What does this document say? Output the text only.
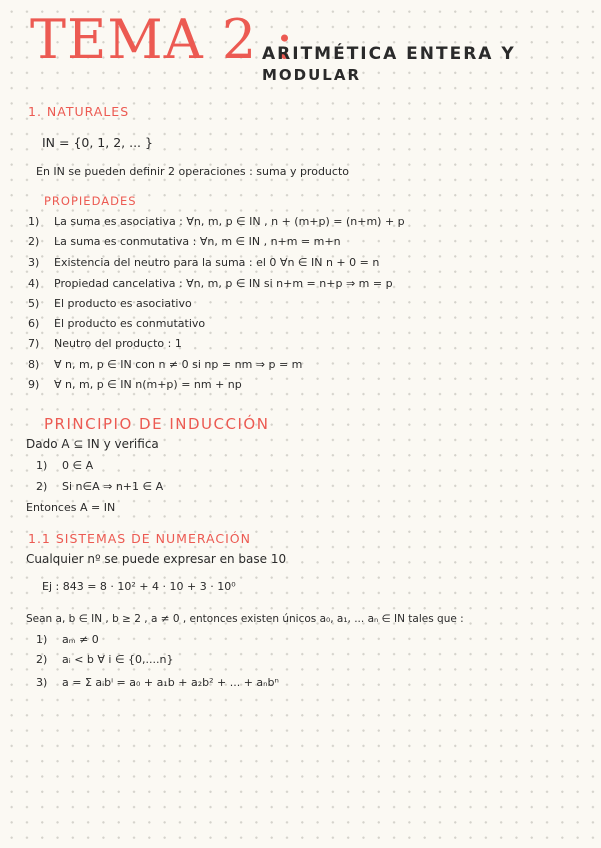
TEMA 2 :
ARITMÉTICA ENTERA Y
MODULAR
1. NATURALES
IN = {0, 1, 2, ... }
En IN se pueden definir 2 operaciones : suma y producto
PROPIEDADES
1) La suma es asociativa : ∀n, m, p ∈ IN , n + (m+p) = (n+m) + p
2) La suma es conmutativa : ∀n, m ∈ IN , n+m = m+n
3) Existencia del neutro para la suma : el 0 ∀n ∈ IN n + 0 = n
4) Propiedad cancelativa : ∀n, m, p ∈ IN si n+m = n+p ⇒ m = p
5) El producto es asociativo
6) El producto es conmutativo
7) Neutro del producto : 1
8) ∀ n, m, p ∈ IN con n ≠ 0 si np = nm ⇒ p = m
9) ∀ n, m, p ∈ IN n(m+p) = nm + np
PRINCIPIO DE INDUCCIÓN
Dado A ⊆ IN y verifica
1) 0 ∈ A
2) Si n∈A ⇒ n+1 ∈ A
Entonces A = IN
1.1 SISTEMAS DE NUMERACIÓN
Cualquier nº se puede expresar en base 10
Ej : 843 = 8 · 10² + 4 · 10 + 3 · 10⁰
Sean a, b ∈ IN , b ≥ 2 , a ≠ 0 , entonces existen únicos a₀, a₁, ... aₙ ∈ IN tales que :
1) aₘ ≠ 0
2) aᵢ < b ∀ i ∈ {0,....n}
3) a = Σ aᵢbⁱ = a₀ + a₁b + a₂b² + ... + aₙbⁿ
